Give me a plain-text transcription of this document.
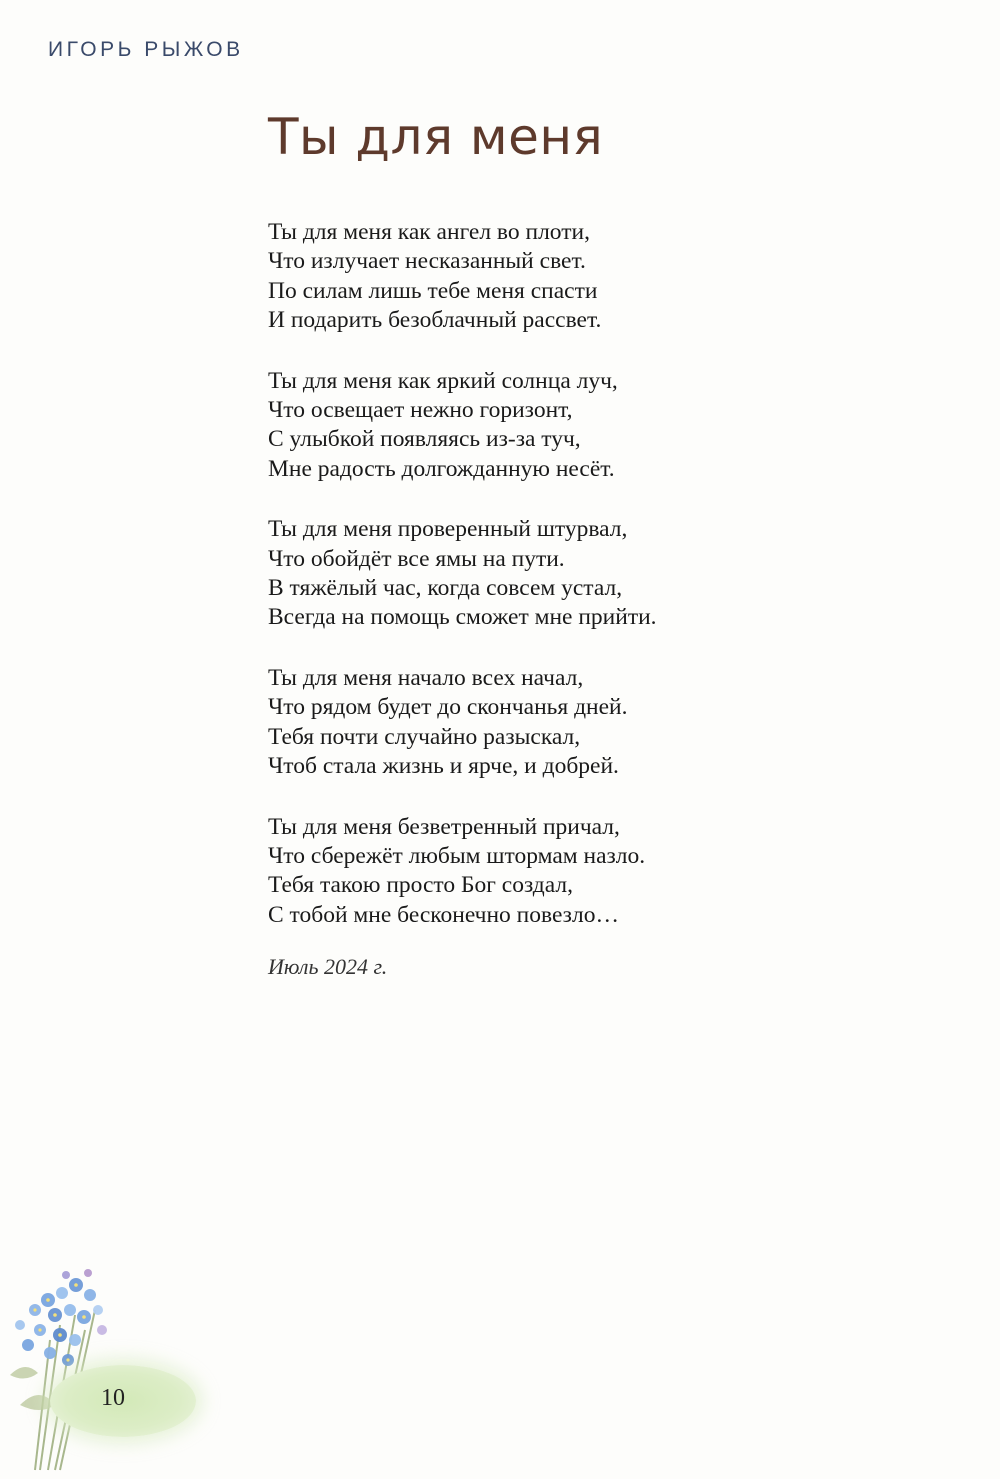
ИГОРЬ РЫЖОВ
Ты для меня
Ты для меня как ангел во плоти,
Что излучает несказанный свет.
По силам лишь тебе меня спасти
И подарить безоблачный рассвет.
Ты для меня как яркий солнца луч,
Что освещает нежно горизонт,
С улыбкой появляясь из-за туч,
Мне радость долгожданную несёт.
Ты для меня проверенный штурвал,
Что обойдёт все ямы на пути.
В тяжёлый час, когда совсем устал,
Всегда на помощь сможет мне прийти.
Ты для меня начало всех начал,
Что рядом будет до скончанья дней.
Тебя почти случайно разыскал,
Чтоб стала жизнь и ярче, и добрей.
Ты для меня безветренный причал,
Что сбережёт любым штормам назло.
Тебя такою просто Бог создал,
С тобой мне бесконечно повезло…
Июль 2024 г.
10
